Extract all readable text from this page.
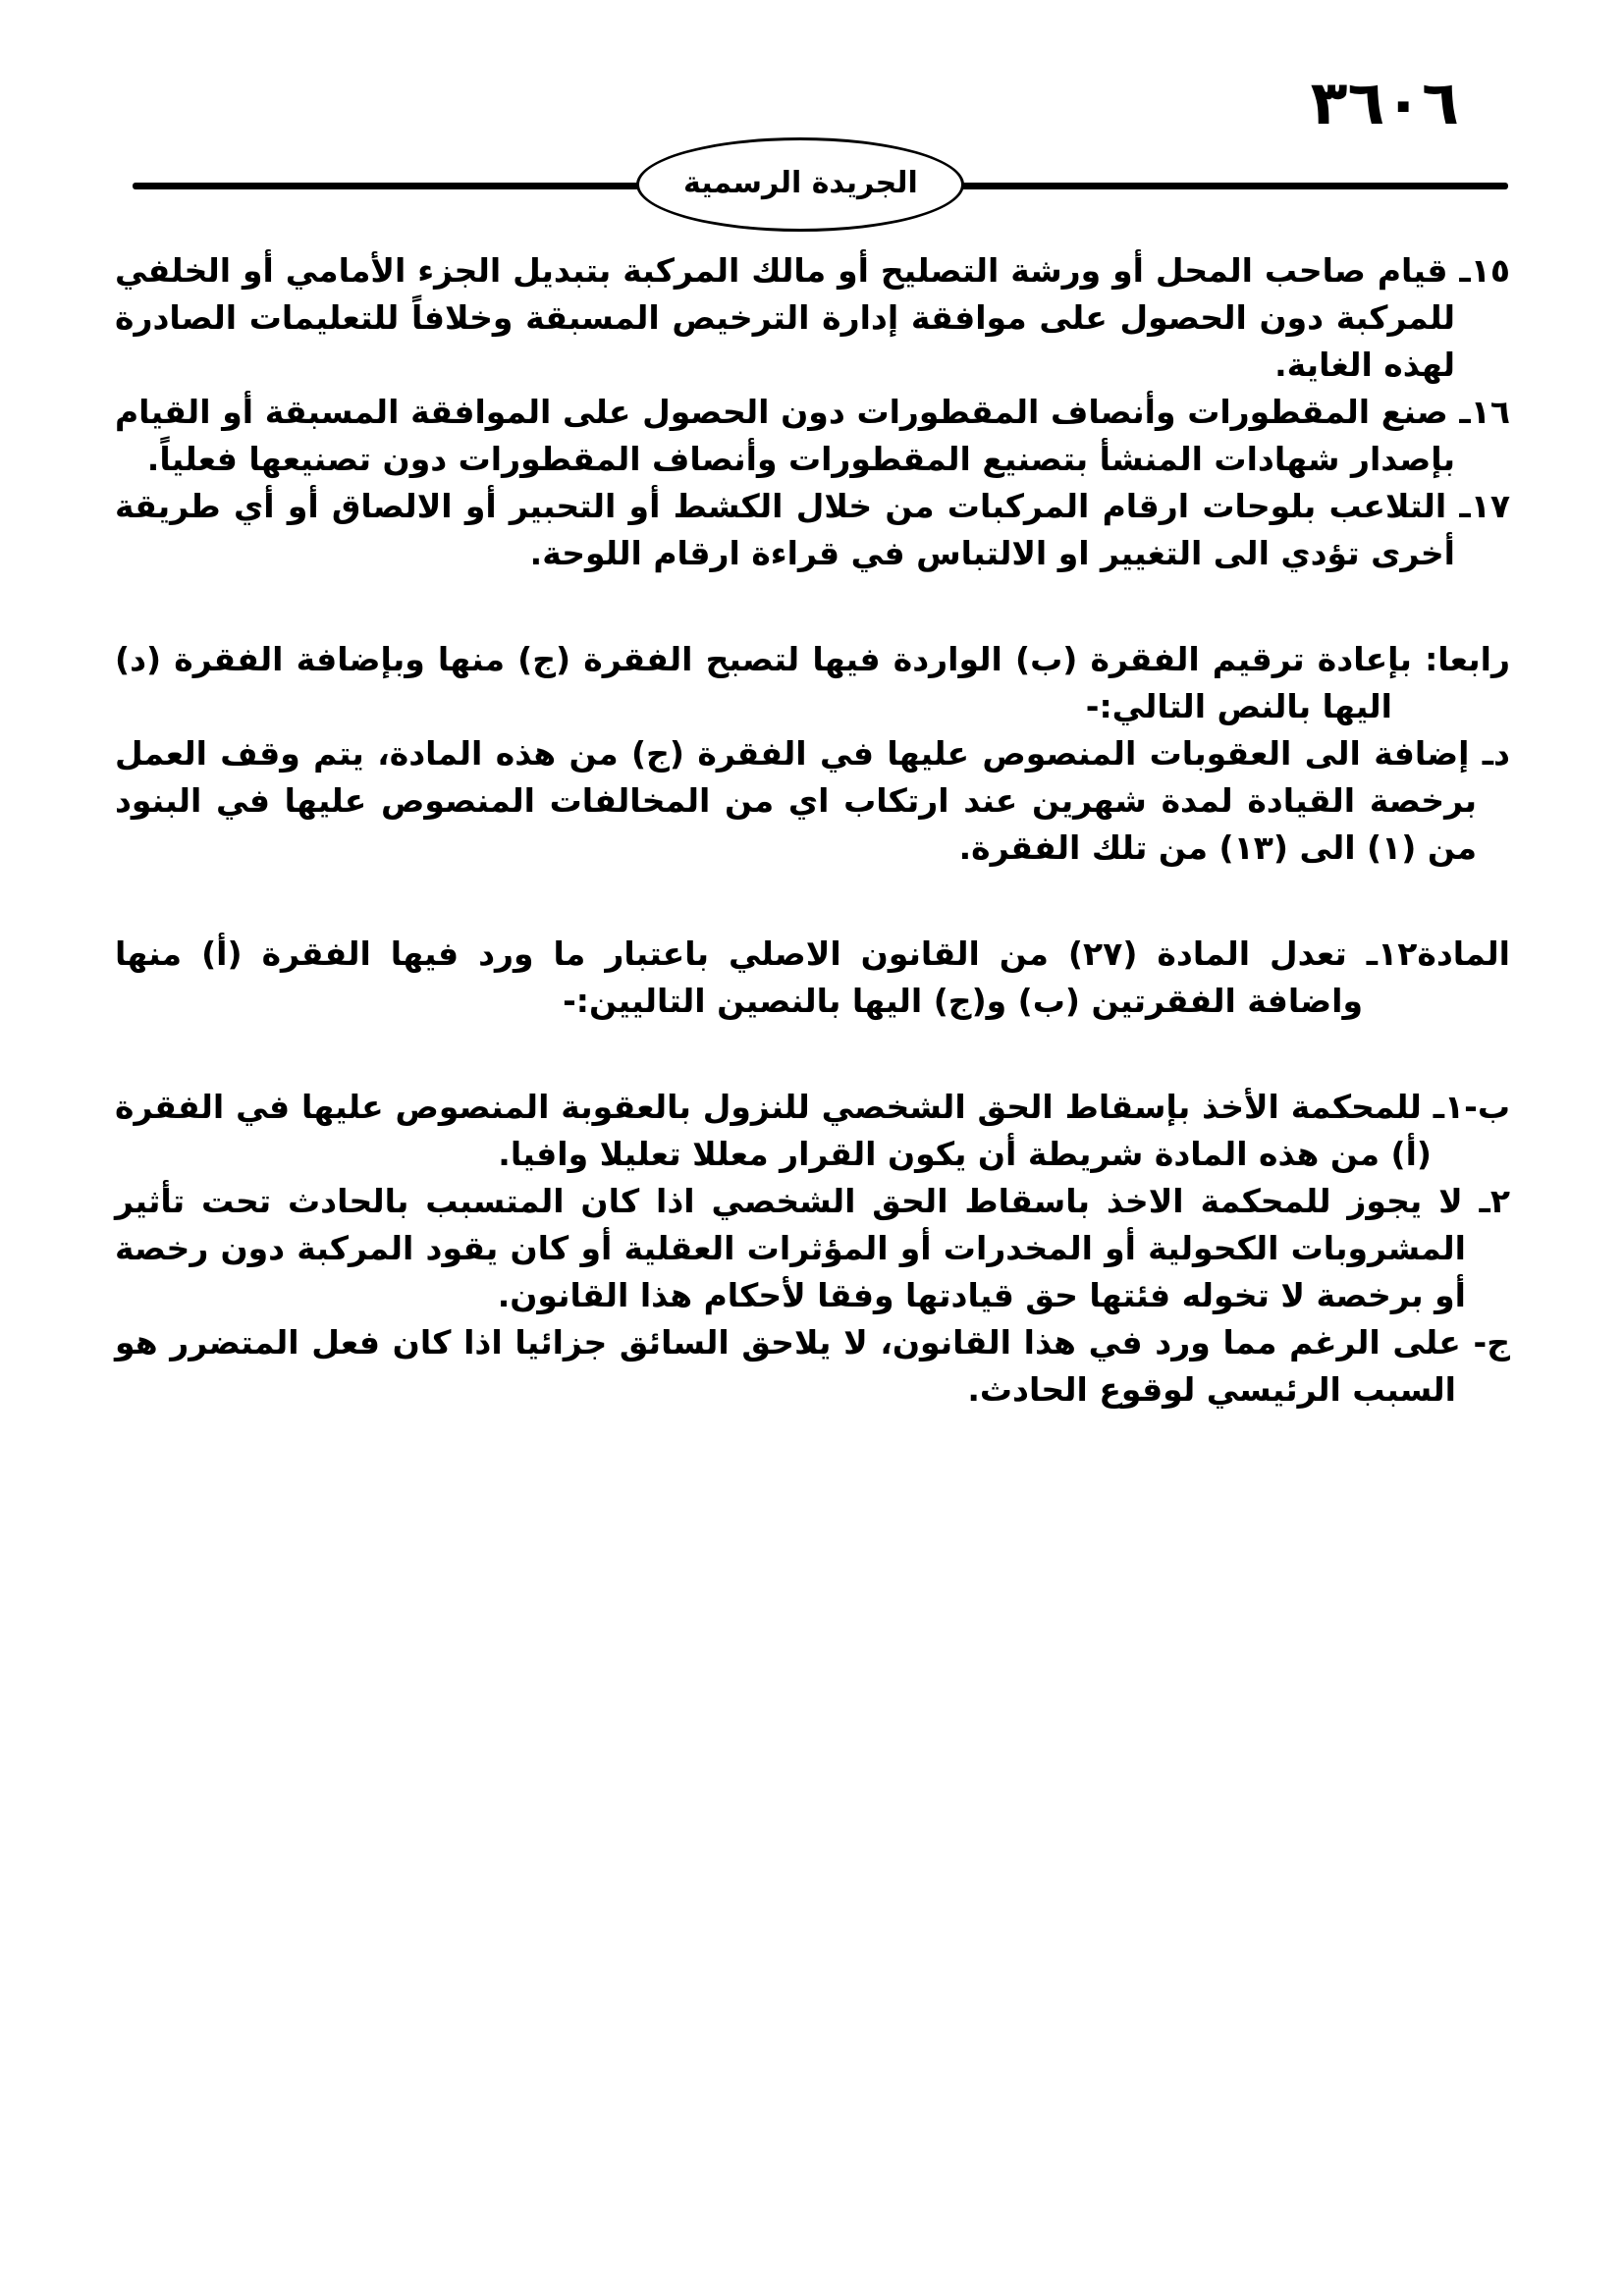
٣٦٠٦
الجريدة الرسمية

١٥ـ قيام صاحب المحل أو ورشة التصليح أو مالك المركبة بتبديل الجزء الأمامي أو الخلفي للمركبة دون الحصول على موافقة إدارة الترخيص المسبقة وخلافاً للتعليمات الصادرة لهذه الغاية.

١٦ـ صنع المقطورات وأنصاف المقطورات دون الحصول على الموافقة المسبقة أو القيام بإصدار شهادات المنشأ بتصنيع المقطورات وأنصاف المقطورات دون تصنيعها فعلياً.

١٧ـ التلاعب بلوحات ارقام المركبات من خلال الكشط أو التحبير أو الالصاق أو أي طريقة أخرى تؤدي الى التغيير او الالتباس في قراءة ارقام اللوحة.

رابعا: بإعادة ترقيم الفقرة (ب) الواردة فيها لتصبح الفقرة (ج) منها وبإضافة الفقرة (د) اليها بالنص التالي:-

دـ إضافة الى العقوبات المنصوص عليها في الفقرة (ج) من هذه المادة، يتم وقف العمل برخصة القيادة لمدة شهرين عند ارتكاب اي من المخالفات المنصوص عليها في البنود من (١) الى (١٣) من تلك الفقرة.

المادة١٢ـ تعدل المادة (٢٧) من القانون الاصلي باعتبار ما ورد فيها الفقرة (أ) منها واضافة الفقرتين (ب) و(ج) اليها بالنصين التاليين:-

ب-١ـ للمحكمة الأخذ بإسقاط الحق الشخصي للنزول بالعقوبة المنصوص عليها في الفقرة (أ) من هذه المادة شريطة أن يكون القرار معللا تعليلا وافيا.

٢ـ لا يجوز للمحكمة الاخذ باسقاط الحق الشخصي اذا كان المتسبب بالحادث تحت تأثير المشروبات الكحولية أو المخدرات أو المؤثرات العقلية أو كان يقود المركبة دون رخصة أو برخصة لا تخوله فئتها حق قيادتها وفقا لأحكام هذا القانون.

ج- على الرغم مما ورد في هذا القانون، لا يلاحق السائق جزائيا اذا كان فعل المتضرر هو السبب الرئيسي لوقوع الحادث.
